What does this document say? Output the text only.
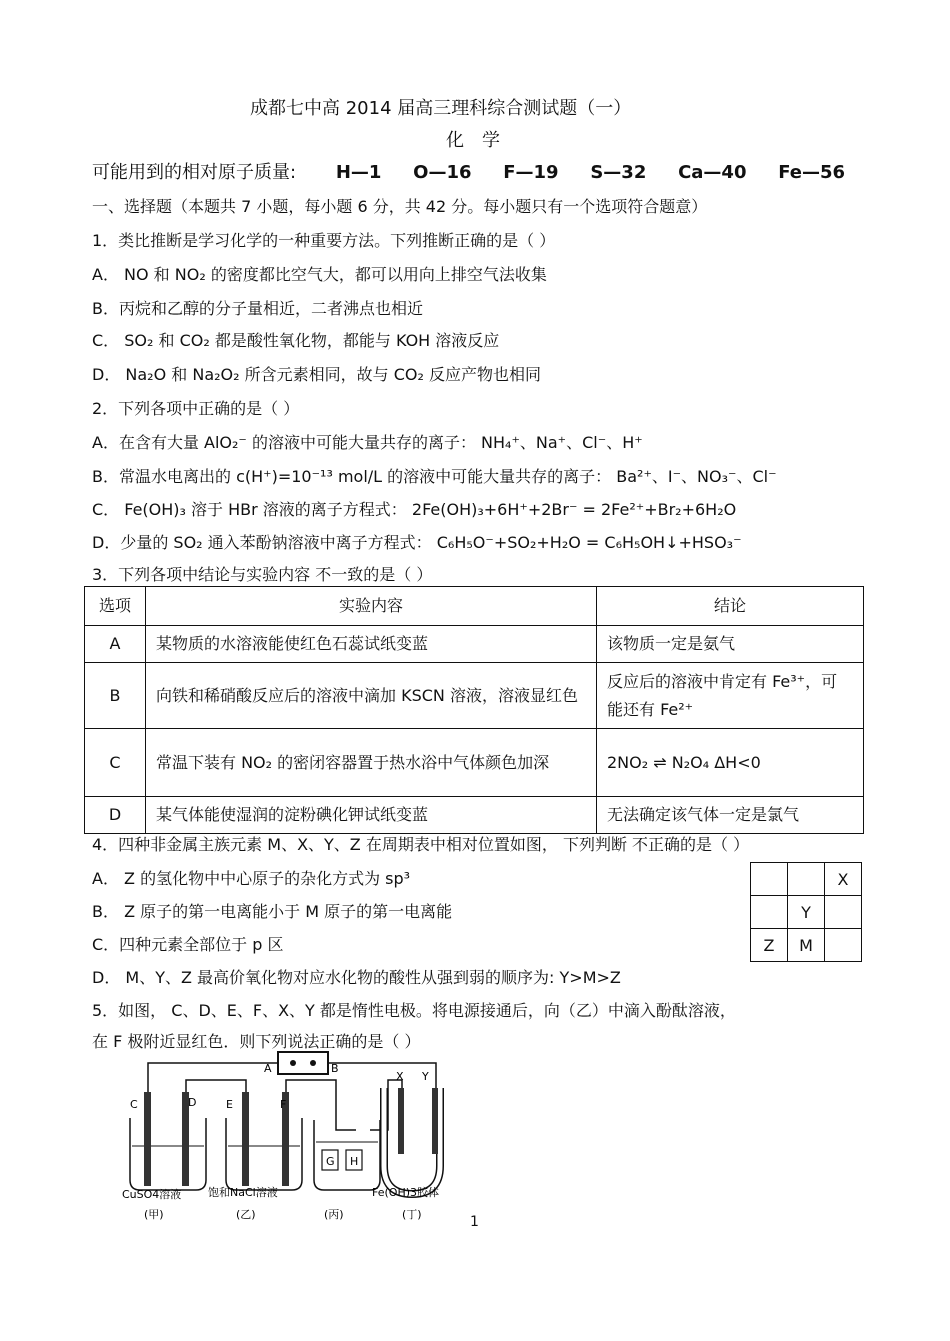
成都七中高 2014 届高三理科综合测试题（一）
化学
可能用到的相对原子质量: H—1 O—16 F—19 S—32 Ca—40 Fe—56
一、选择题（本题共 7 小题，每小题 6 分，共 42 分。每小题只有一个选项符合题意）
1．类比推断是学习化学的一种重要方法。下列推断正确的是（ ）
A． NO 和 NO₂ 的密度都比空气大，都可以用向上排空气法收集
B．丙烷和乙醇的分子量相近，二者沸点也相近
C． SO₂ 和 CO₂ 都是酸性氧化物，都能与 KOH 溶液反应
D． Na₂O 和 Na₂O₂ 所含元素相同，故与 CO₂ 反应产物也相同
2．下列各项中正确的是（ ）
A．在含有大量 AlO₂⁻ 的溶液中可能大量共存的离子： NH₄⁺、Na⁺、Cl⁻、H⁺
B．常温水电离出的 c(H⁺)=10⁻¹³ mol/L 的溶液中可能大量共存的离子： Ba²⁺、I⁻、NO₃⁻、Cl⁻
C． Fe(OH)₃ 溶于 HBr 溶液的离子方程式： 2Fe(OH)₃+6H⁺+2Br⁻ = 2Fe²⁺+Br₂+6H₂O
D．少量的 SO₂ 通入苯酚钠溶液中离子方程式： C₆H₅O⁻+SO₂+H₂O = C₆H₅OH↓+HSO₃⁻
3．下列各项中结论与实验内容 不一致的是（ ）
选项	实验内容	结论
A	某物质的水溶液能使红色石蕊试纸变蓝	该物质一定是氨气
B	向铁和稀硝酸反应后的溶液中滴加 KSCN 溶液，溶液显红色	反应后的溶液中肯定有 Fe³⁺，可能还有 Fe²⁺
C	常温下装有 NO₂ 的密闭容器置于热水浴中气体颜色加深	2NO₂ ⇌ N₂O₄ ΔH<0
D	某气体能使湿润的淀粉碘化钾试纸变蓝	无法确定该气体一定是氯气
4．四种非金属主族元素 M、X、Y、Z 在周期表中相对位置如图， 下列判断 不正确的是（ ）
A． Z 的氢化物中中心原子的杂化方式为 sp³
B． Z 原子的第一电离能小于 M 原子的第一电离能
C．四种元素全部位于 p 区
D． M、Y、Z 最高价氧化物对应水化物的酸性从强到弱的顺序为: Y>M>Z
		X
	Y	
Z	M	
5．如图， C、D、E、F、X、Y 都是惰性电极。将电源接通后，向（乙）中滴入酚酞溶液，
在 F 极附近显红色．则下列说法正确的是（ ）
A	B
C	D	E	F
G H
X Y
CuSO4溶液 饱和NaCl溶液	Fe(OH)3胶体
(甲)	(乙)	(丙)	(丁)	1
